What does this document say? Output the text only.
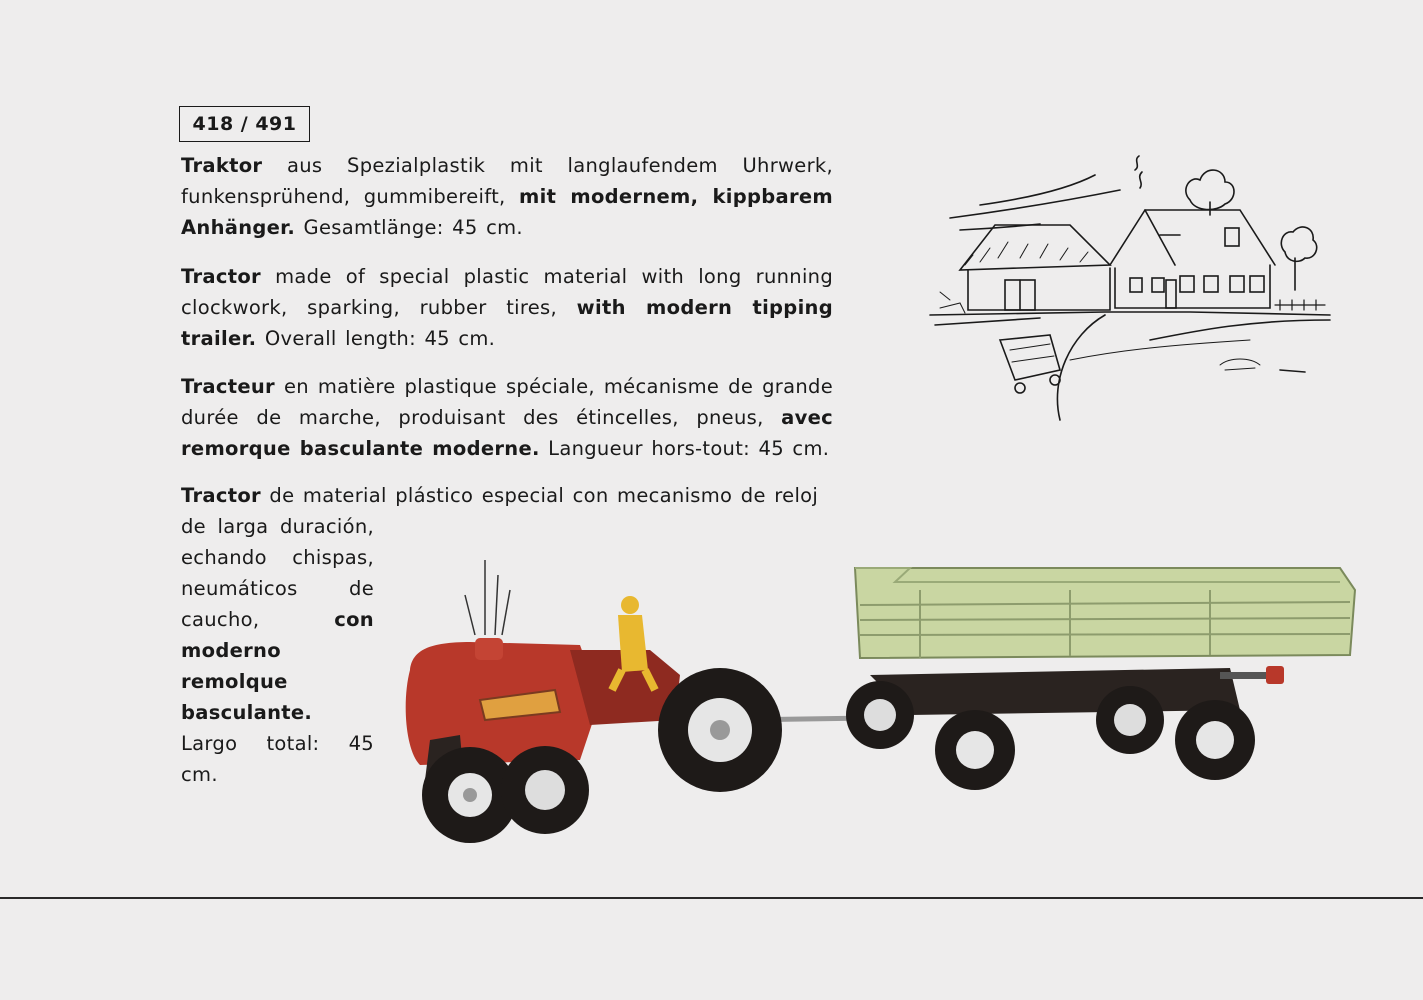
418 / 491
Traktor aus Spezialplastik mit langlaufendem Uhrwerk, funkensprühend, gummibereift, mit modernem, kippbarem Anhänger. Gesamtlänge: 45 cm.
Tractor made of special plastic material with long running clockwork, sparking, rubber tires, with modern tipping trailer. Overall length: 45 cm.
Tracteur en matière plastique spéciale, mécanisme de grande durée de marche, produisant des étincelles, pneus, avec remorque basculante moderne. Langueur hors-tout: 45 cm.
Tractor de material plástico especial con mecanismo de reloj
de larga duración, echando chispas, neumáticos de caucho, con moderno remolque basculante. Largo total: 45 cm.
